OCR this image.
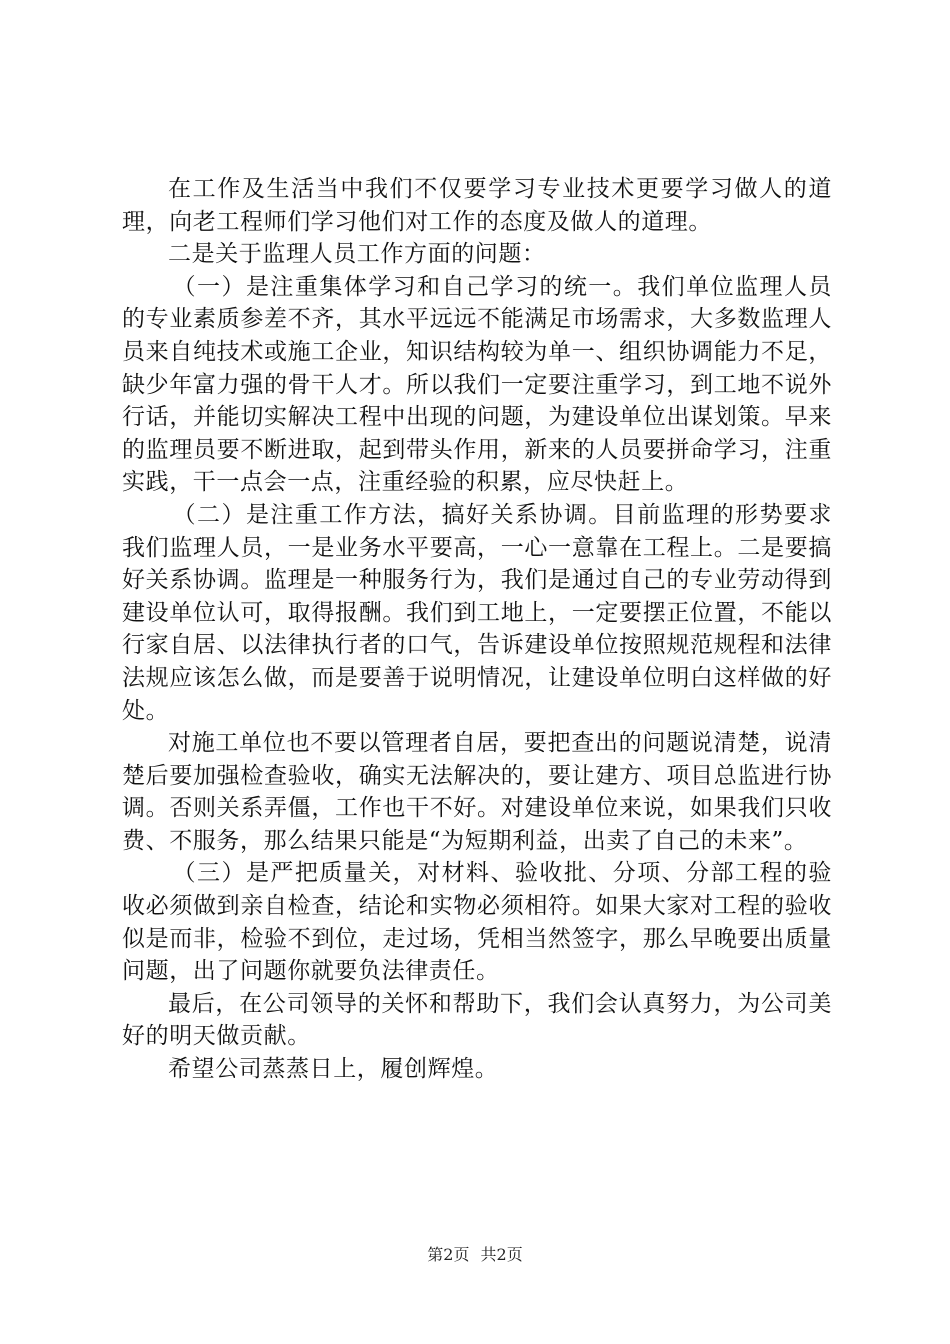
在工作及生活当中我们不仅要学习专业技术更要学习做人的道理，向老工程师们学习他们对工作的态度及做人的道理。

二是关于监理人员工作方面的问题：

（一）是注重集体学习和自己学习的统一。我们单位监理人员的专业素质参差不齐，其水平远远不能满足市场需求，大多数监理人员来自纯技术或施工企业，知识结构较为单一、组织协调能力不足，缺少年富力强的骨干人才。所以我们一定要注重学习，到工地不说外行话，并能切实解决工程中出现的问题，为建设单位出谋划策。早来的监理员要不断进取，起到带头作用，新来的人员要拼命学习，注重实践，干一点会一点，注重经验的积累，应尽快赶上。

（二）是注重工作方法，搞好关系协调。目前监理的形势要求我们监理人员，一是业务水平要高，一心一意靠在工程上。二是要搞好关系协调。监理是一种服务行为，我们是通过自己的专业劳动得到建设单位认可，取得报酬。我们到工地上，一定要摆正位置，不能以行家自居、以法律执行者的口气，告诉建设单位按照规范规程和法律法规应该怎么做，而是要善于说明情况，让建设单位明白这样做的好处。

对施工单位也不要以管理者自居，要把查出的问题说清楚，说清楚后要加强检查验收，确实无法解决的，要让建方、项目总监进行协调。否则关系弄僵，工作也干不好。对建设单位来说，如果我们只收费、不服务，那么结果只能是“为短期利益，出卖了自己的未来”。

（三）是严把质量关，对材料、验收批、分项、分部工程的验收必须做到亲自检查，结论和实物必须相符。如果大家对工程的验收似是而非，检验不到位，走过场，凭相当然签字，那么早晚要出质量问题，出了问题你就要负法律责任。

最后，在公司领导的关怀和帮助下，我们会认真努力，为公司美好的明天做贡献。

希望公司蒸蒸日上，履创辉煌。

第2页 共2页
